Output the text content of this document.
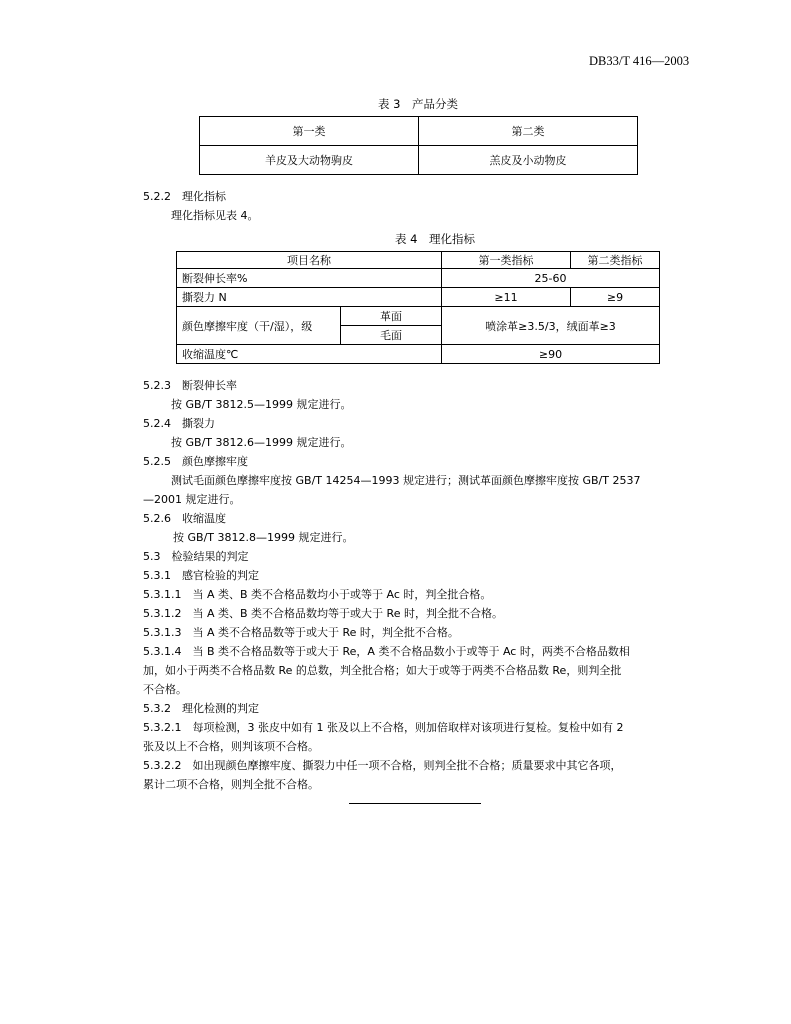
DB33/T 416—2003
表 3　产品分类
第一类	第二类
羊皮及大动物驹皮	羔皮及小动物皮
5.2.2　理化指标
理化指标见表 4。
表 4　理化指标
项目名称		第一类指标	第二类指标
断裂伸长率%		25-60	
撕裂力 N		≥11	≥9
颜色摩擦牢度（干/湿），级	革面	喷涂革≥3.5/3，绒面革≥3	
	毛面		
收缩温度℃		≥90	
5.2.3　断裂伸长率
按 GB/T 3812.5—1999 规定进行。
5.2.4　撕裂力
按 GB/T 3812.6—1999 规定进行。
5.2.5　颜色摩擦牢度
测试毛面颜色摩擦牢度按 GB/T 14254—1993 规定进行；测试革面颜色摩擦牢度按 GB/T 2537
—2001 规定进行。
5.2.6　收缩温度
按 GB/T 3812.8—1999 规定进行。
5.3　检验结果的判定
5.3.1　感官检验的判定
5.3.1.1　当 A 类、B 类不合格品数均小于或等于 Ac 时，判全批合格。
5.3.1.2　当 A 类、B 类不合格品数均等于或大于 Re 时，判全批不合格。
5.3.1.3　当 A 类不合格品数等于或大于 Re 时，判全批不合格。
5.3.1.4　当 B 类不合格品数等于或大于 Re，A 类不合格品数小于或等于 Ac 时，两类不合格品数相
加，如小于两类不合格品数 Re 的总数，判全批合格；如大于或等于两类不合格品数 Re，则判全批
不合格。
5.3.2　理化检测的判定
5.3.2.1　每项检测，3 张皮中如有 1 张及以上不合格，则加倍取样对该项进行复检。复检中如有 2
张及以上不合格，则判该项不合格。
5.3.2.2　如出现颜色摩擦牢度、撕裂力中任一项不合格，则判全批不合格；质量要求中其它各项，
累计二项不合格，则判全批不合格。
